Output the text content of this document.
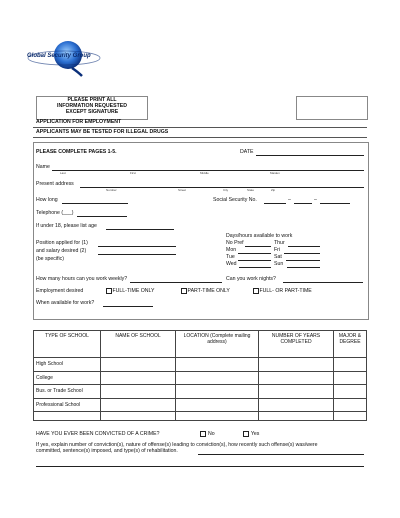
Global Security Group
PLEASE PRINT ALL
INFORMATION REQUESTED
EXCEPT SIGNATURE
APPLICATION FOR EMPLOYMENT
APPLICANTS MAY BE TESTED FOR ILLEGAL DRUGS
PLEASE COMPLETE PAGES 1-5.	DATE
Name
Last	First	Middle	Maiden
Present address
Number	Street	City	State	Zip
How long	Social Security No.	–	–
Telephone (___)
If under 18, please list age
Days/hours available to work
No Pref	Thur
Mon	Fri
Tue	Sat
Wed	Sun
Position applied for (1)
and salary desired (2)
(be specific)
How many hours can you work weekly?	Can you work nights?
Employment desired	FULL-TIME ONLY	PART-TIME ONLY	FULL- OR PART-TIME
When available for work?
TYPE OF SCHOOL	NAME OF SCHOOL	LOCATION (Complete mailing address)	NUMBER OF YEARS COMPLETED	MAJOR & DEGREE
High School				
College				
Bus. or Trade School				
Professional School				

HAVE YOU EVER BEEN CONVICTED OF A CRIME?	No	Yes
If yes, explain number of conviction(s), nature of offense(s) leading to conviction(s), how recently such offense(s) was/were
committed, sentence(s) imposed, and type(s) of rehabilitation.
